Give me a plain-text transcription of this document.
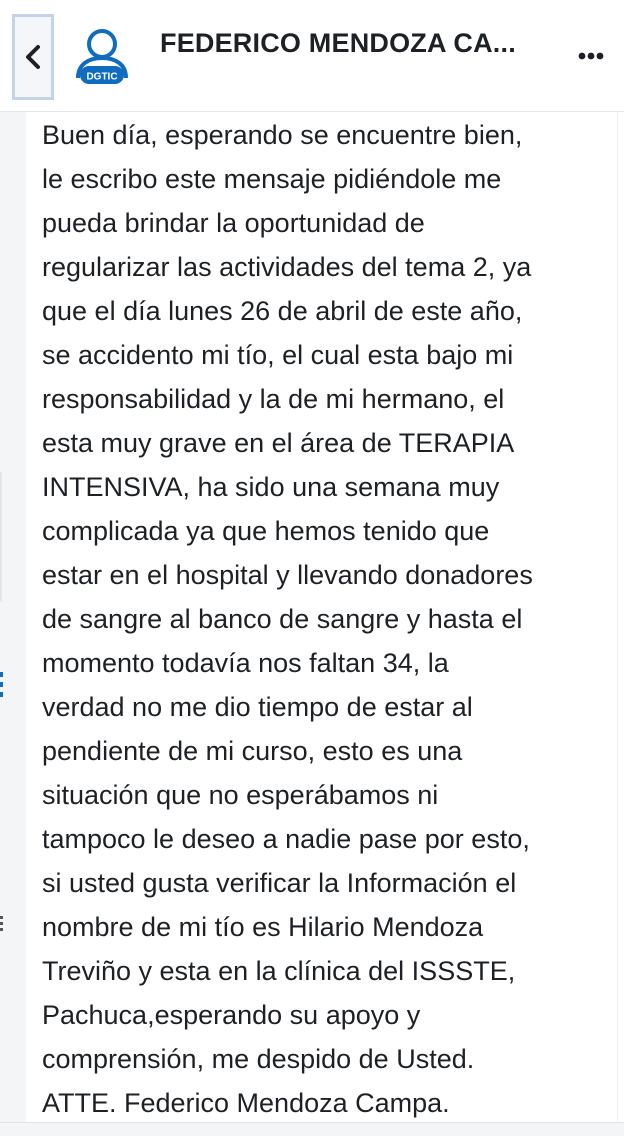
DGTIC
FEDERICO MENDOZA CA...

Buen día, esperando se encuentre bien,
le escribo este mensaje pidiéndole me
pueda brindar la oportunidad de
regularizar las actividades del tema 2, ya
que el día lunes 26 de abril de este año,
se accidento mi tío, el cual esta bajo mi
responsabilidad y la de mi hermano, el
esta muy grave en el área de TERAPIA
INTENSIVA, ha sido una semana muy
complicada ya que hemos tenido que
estar en el hospital y llevando donadores
de sangre al banco de sangre y hasta el
momento todavía nos faltan 34, la
verdad no me dio tiempo de estar al
pendiente de mi curso, esto es una
situación que no esperábamos ni
tampoco le deseo a nadie pase por esto,
si usted gusta verificar la Información el
nombre de mi tío es Hilario Mendoza
Treviño y esta en la clínica del ISSSTE,
Pachuca,esperando su apoyo y
comprensión, me despido de Usted.
ATTE. Federico Mendoza Campa.
